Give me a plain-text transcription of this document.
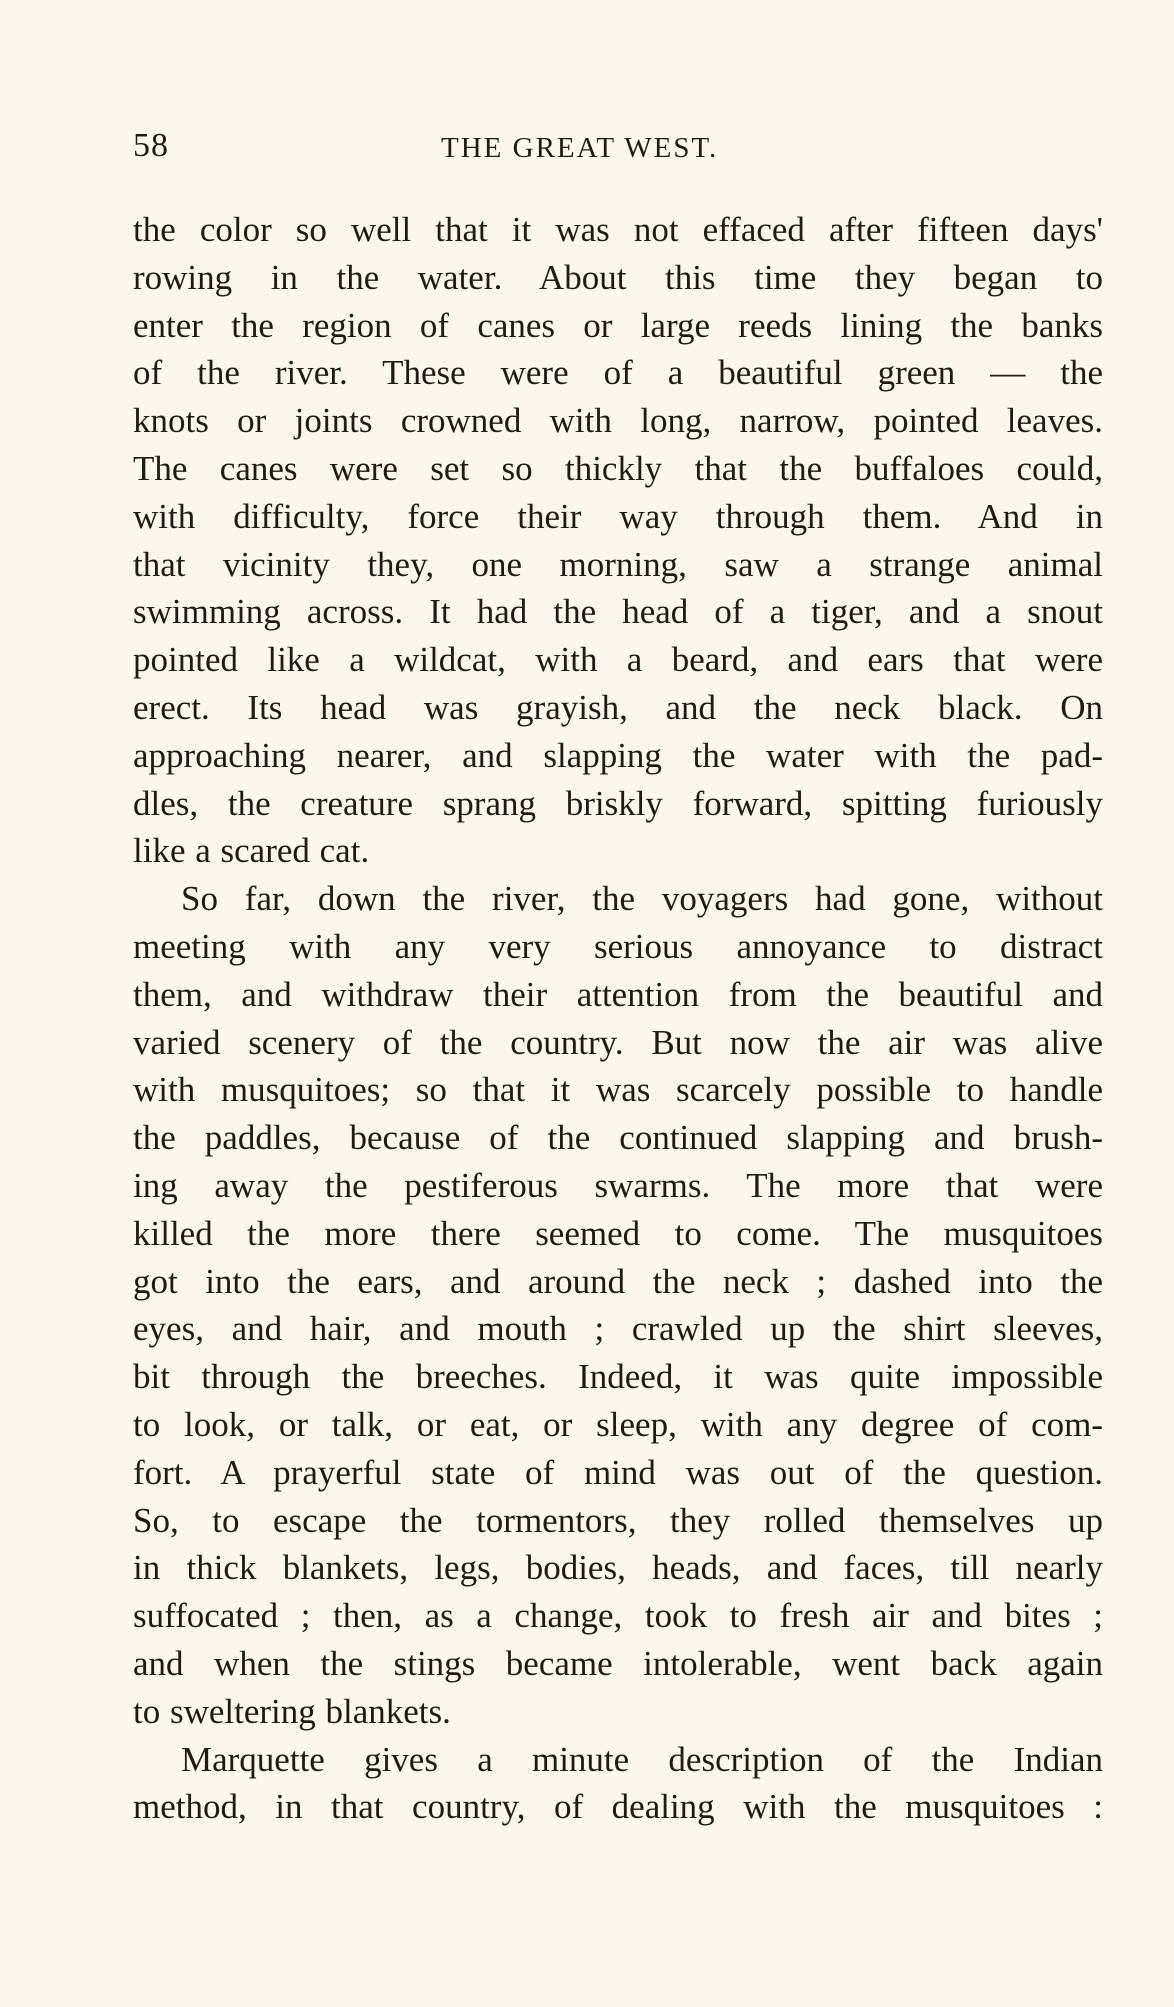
58	THE GREAT WEST.
the color so well that it was not effaced after fifteen days'
rowing in the water. About this time they began to
enter the region of canes or large reeds lining the banks
of the river. These were of a beautiful green — the
knots or joints crowned with long, narrow, pointed leaves.
The canes were set so thickly that the buffaloes could,
with difficulty, force their way through them. And in
that vicinity they, one morning, saw a strange animal
swimming across. It had the head of a tiger, and a snout
pointed like a wildcat, with a beard, and ears that were
erect. Its head was grayish, and the neck black. On
approaching nearer, and slapping the water with the pad-
dles, the creature sprang briskly forward, spitting furiously
like a scared cat.
So far, down the river, the voyagers had gone, without
meeting with any very serious annoyance to distract
them, and withdraw their attention from the beautiful and
varied scenery of the country. But now the air was alive
with musquitoes; so that it was scarcely possible to handle
the paddles, because of the continued slapping and brush-
ing away the pestiferous swarms. The more that were
killed the more there seemed to come. The musquitoes
got into the ears, and around the neck ; dashed into the
eyes, and hair, and mouth ; crawled up the shirt sleeves,
bit through the breeches. Indeed, it was quite impossible
to look, or talk, or eat, or sleep, with any degree of com-
fort. A prayerful state of mind was out of the question.
So, to escape the tormentors, they rolled themselves up
in thick blankets, legs, bodies, heads, and faces, till nearly
suffocated ; then, as a change, took to fresh air and bites ;
and when the stings became intolerable, went back again
to sweltering blankets.
Marquette gives a minute description of the Indian
method, in that country, of dealing with the musquitoes :
